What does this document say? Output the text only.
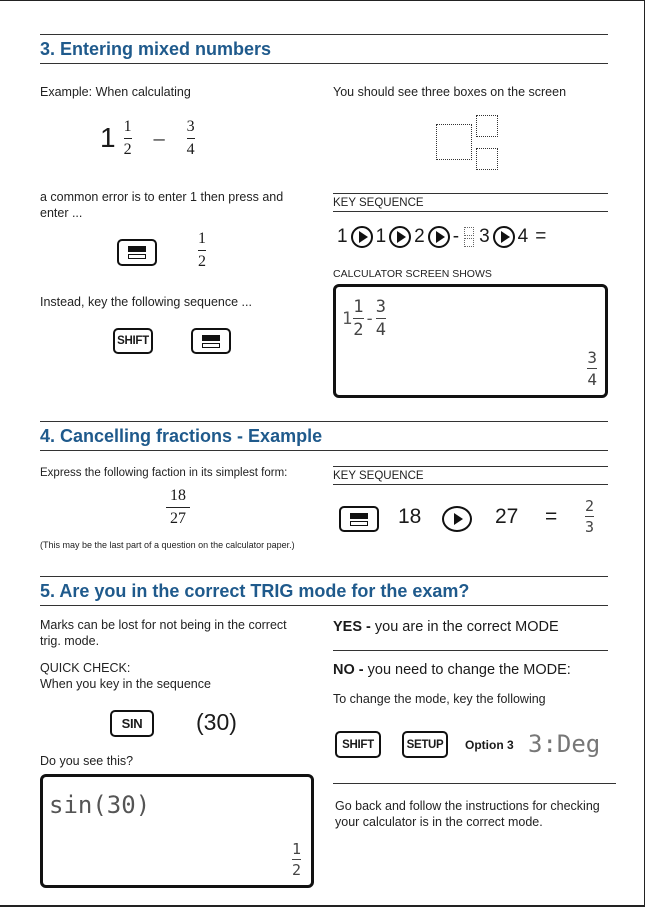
3. Entering mixed numbers
Example: When calculating
$1 \frac{1}{2} - \frac{3}{4}$
a common error is to enter 1 then press and enter ...
$\frac{1}{2}$
Instead, key the following sequence ...
SHIFT
You should see three boxes on the screen
KEY SEQUENCE
1 1 2 - 3 4 =
CALCULATOR SCREEN SHOWS
$1 \frac{1}{2} - \frac{3}{4}$
$\frac{3}{4}$
4. Cancelling fractions - Example
Express the following faction in its simplest form:
$\frac{18}{27}$
(This may be the last part of a question on the calculator paper.)
KEY SEQUENCE
18	$27 = \frac{2}{3}$
5. Are you in the correct TRIG mode for the exam?
Marks can be lost for not being in the correct trig. mode.
QUICK CHECK:
When you key in the sequence
SIN	(30)
Do you see this?
sin(30)
$\frac{1}{2}$
YES - you are in the correct MODE
NO - you need to change the MODE:
To change the mode, key the following
SHIFT	SETUP	Option 3 3:Deg
Go back and follow the instructions for checking your calculator is in the correct mode.
